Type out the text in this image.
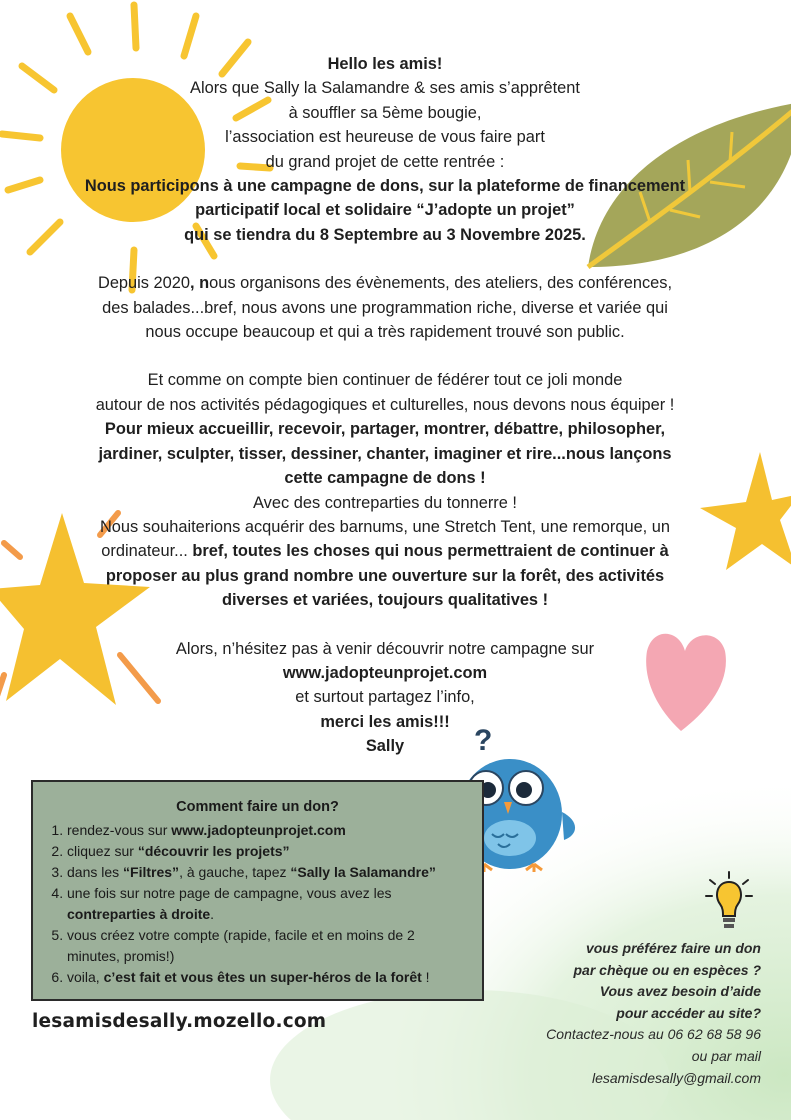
?

Hello les amis!

Alors que Sally la Salamandre & ses amis s’apprêtent

à souffler sa 5ème bougie,

l’association est heureuse de vous faire part

du grand projet de cette rentrée :

Nous participons à une campagne de dons, sur la plateforme de financement

participatif local et solidaire “J’adopte un projet”

qui se tiendra du 8 Septembre au 3 Novembre 2025.

Depuis 2020, nous organisons des évènements, des ateliers, des conférences,

des balades...bref, nous avons une programmation riche, diverse et variée qui

nous occupe beaucoup et qui a très rapidement trouvé son public.

Et comme on compte bien continuer de fédérer tout ce joli monde

autour de nos activités pédagogiques et culturelles, nous devons nous équiper !

Pour mieux accueillir, recevoir, partager, montrer, débattre, philosopher,

jardiner, sculpter, tisser, dessiner, chanter, imaginer et rire...nous lançons

cette campagne de dons !

Avec des contreparties du tonnerre !

Nous souhaiterions acquérir des barnums, une Stretch Tent, une remorque, un

ordinateur... bref, toutes les choses qui nous permettraient de continuer à

proposer au plus grand nombre une ouverture sur la forêt, des activités

diverses et variées, toujours qualitatives !

Alors, n’hésitez pas à venir découvrir notre campagne sur

www.jadopteunprojet.com

et surtout partagez l’info,

merci les amis!!!

Sally

Comment faire un don?
1. rendez-vous sur www.jadopteunprojet.com
2. cliquez sur “découvrir les projets”
3. dans les “Filtres”, à gauche, tapez “Sally la Salamandre”
4. une fois sur notre page de campagne, vous avez les contreparties à droite.
5. vous créez votre compte (rapide, facile et en moins de 2 minutes, promis!)
6. voila, c’est fait et vous êtes un super-héros de la forêt !
lesamisdesally.mozello.com
vous préférez faire un don
par chèque ou en espèces ?
Vous avez besoin d’aide
pour accéder au site?
Contactez-nous au 06 62 68 58 96
ou par mail
lesamisdesally@gmail.com
